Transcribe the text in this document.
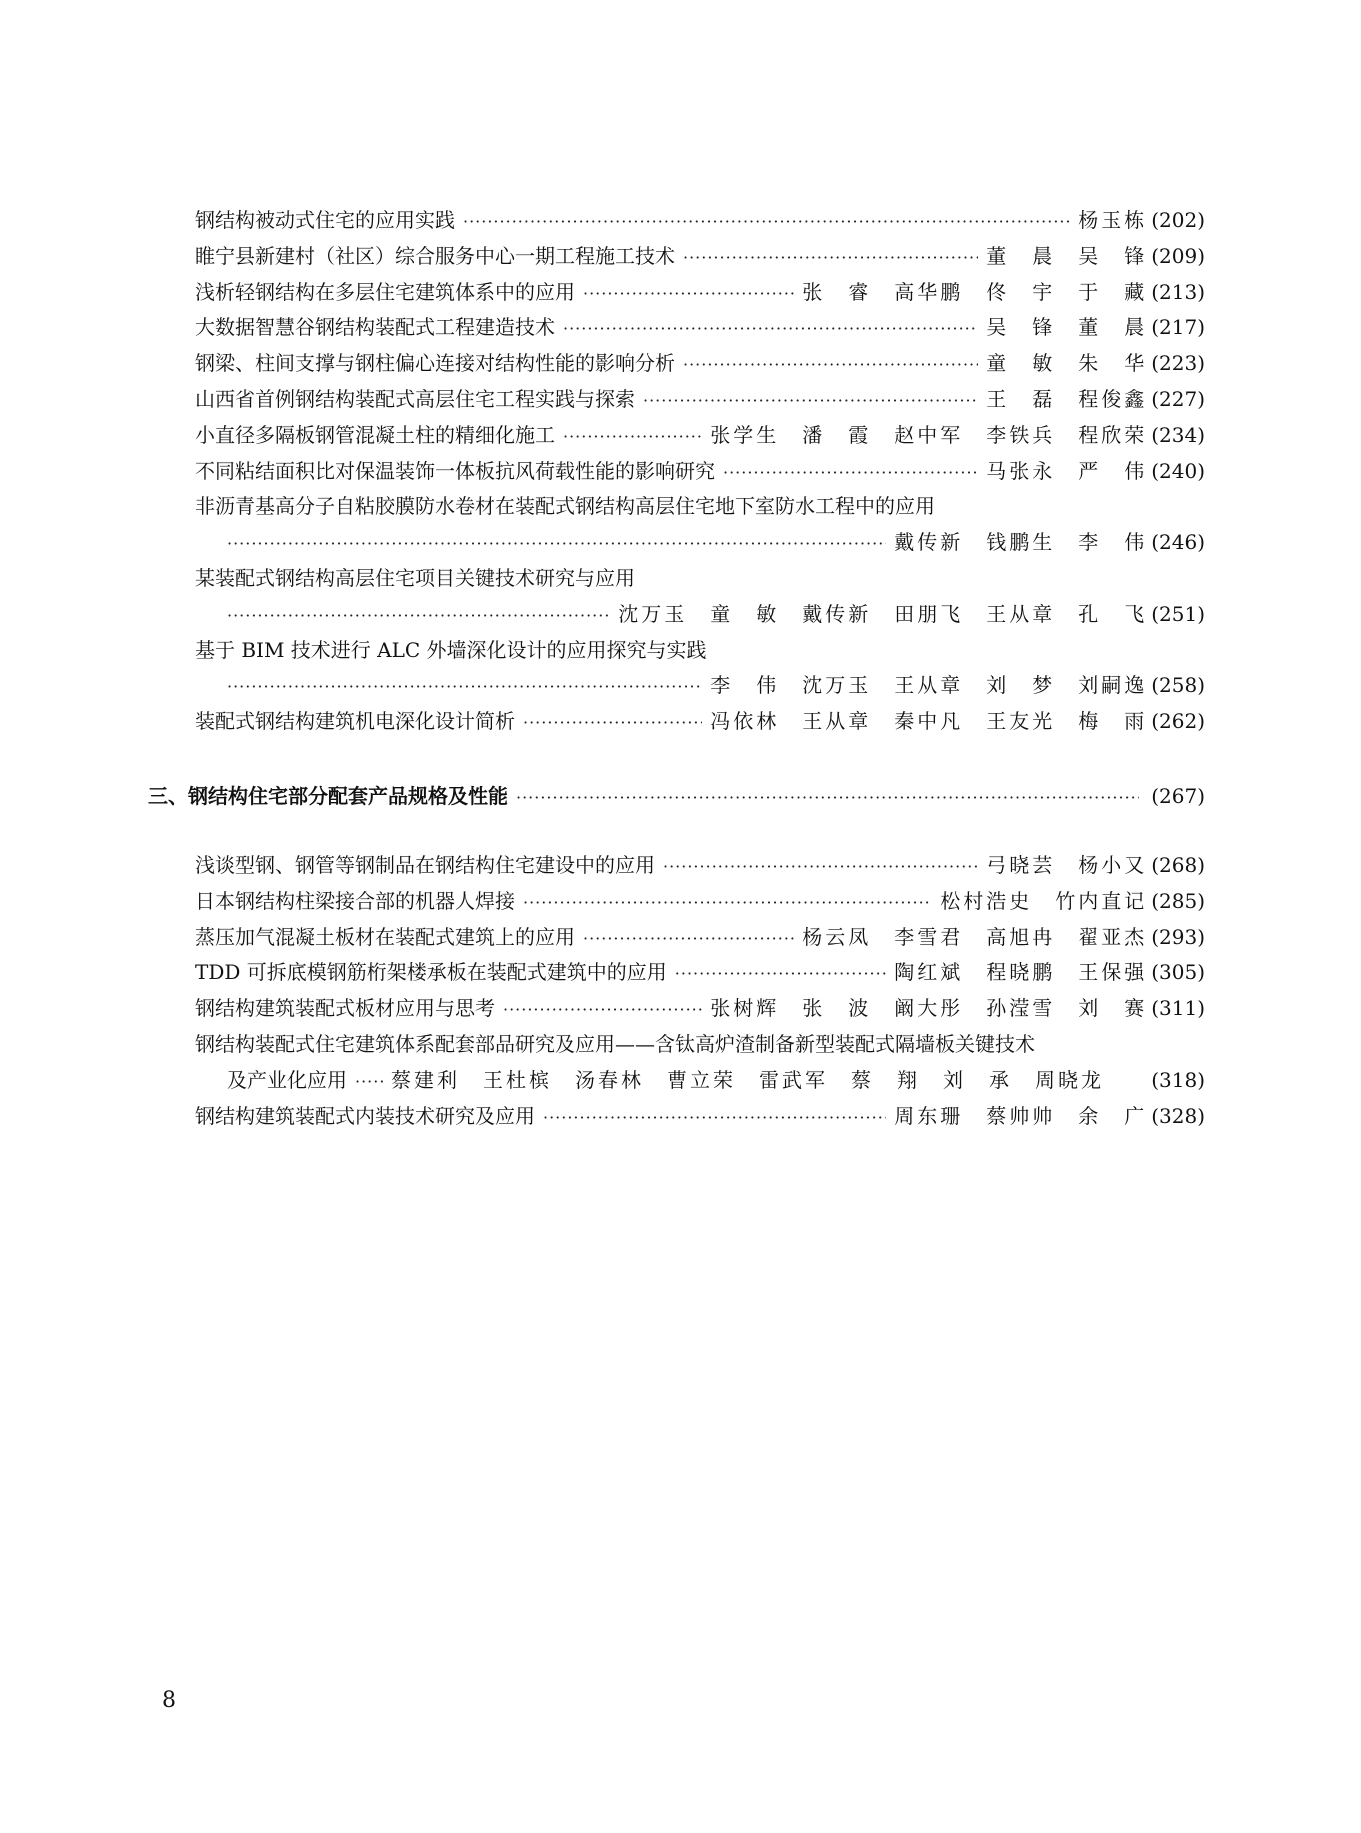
钢结构被动式住宅的应用实践 ·····	杨玉栋 (202)
睢宁县新建村（社区）综合服务中心一期工程施工技术 ·····	董　晨　吴　锋 (209)
浅析轻钢结构在多层住宅建筑体系中的应用 ·····	张　睿　高华鹏　佟　宇　于　藏 (213)
大数据智慧谷钢结构装配式工程建造技术 ·····	吴　锋　董　晨 (217)
钢梁、柱间支撑与钢柱偏心连接对结构性能的影响分析 ·····	童　敏　朱　华 (223)
山西省首例钢结构装配式高层住宅工程实践与探索 ·····	王　磊　程俊鑫 (227)
小直径多隔板钢管混凝土柱的精细化施工 ·····	张学生　潘　霞　赵中军　李铁兵　程欣荣 (234)
不同粘结面积比对保温装饰一体板抗风荷载性能的影响研究 ·····	马张永　严　伟 (240)
非沥青基高分子自粘胶膜防水卷材在装配式钢结构高层住宅地下室防水工程中的应用
·····
戴传新　钱鹏生　李　伟 (246)
某装配式钢结构高层住宅项目关键技术研究与应用
·····
沈万玉　童　敏　戴传新　田朋飞　王从章　孔　飞 (251)
基于 BIM 技术进行 ALC 外墙深化设计的应用探究与实践
·····
李　伟　沈万玉　王从章　刘　梦　刘嗣逸 (258)
装配式钢结构建筑机电深化设计简析 ·····	冯依林　王从章　秦中凡　王友光　梅　雨 (262)
三、钢结构住宅部分配套产品规格及性能 ·····	(267)
浅谈型钢、钢管等钢制品在钢结构住宅建设中的应用 ·····	弓晓芸　杨小又 (268)
日本钢结构柱梁接合部的机器人焊接 ·····	松村浩史　竹内直记 (285)
蒸压加气混凝土板材在装配式建筑上的应用 ·····	杨云凤　李雪君　高旭冉　翟亚杰 (293)
TDD 可拆底模钢筋桁架楼承板在装配式建筑中的应用 ·····	陶红斌　程晓鹏　王保强 (305)
钢结构建筑装配式板材应用与思考 ·····	张树辉　张　波　阚大彤　孙滢雪　刘　赛 (311)
钢结构装配式住宅建筑体系配套部品研究及应用——含钛高炉渣制备新型装配式隔墙板关键技术
及产业化应用 ····· 蔡建利　王杜槟　汤春林　曹立荣　雷武军　蔡　翔　刘　承　周晓龙	(318)
钢结构建筑装配式内装技术研究及应用 ·····	周东珊　蔡帅帅　余　广 (328)
8
